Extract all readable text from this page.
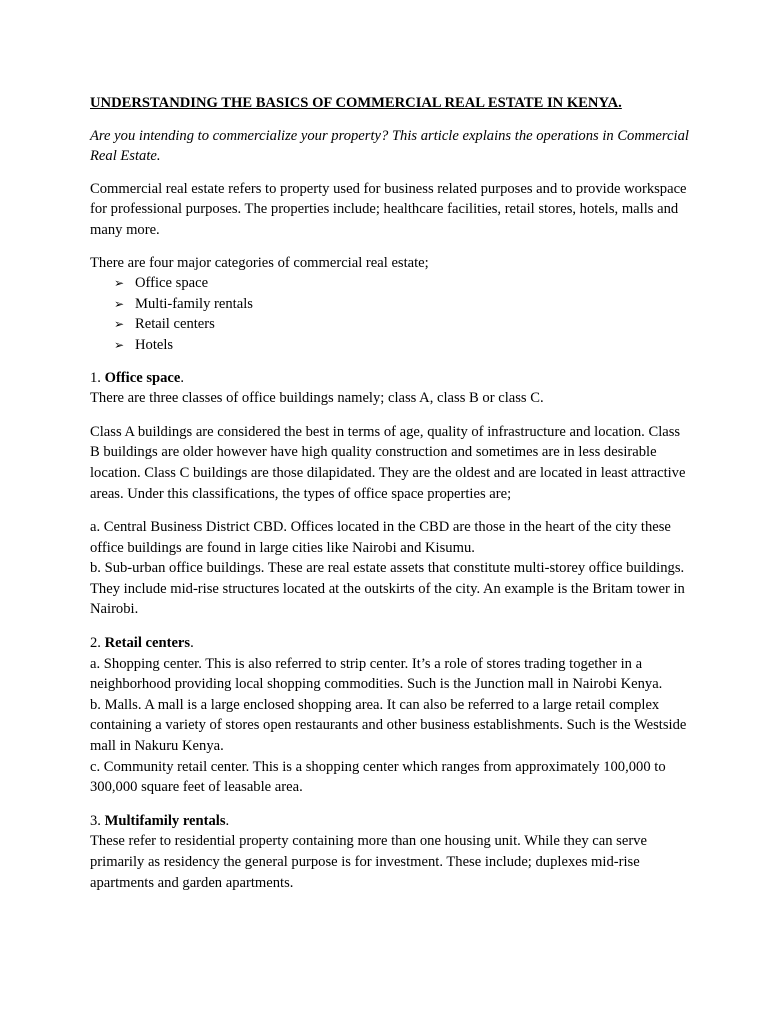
UNDERSTANDING THE BASICS OF COMMERCIAL REAL ESTATE IN KENYA.

Are you intending to commercialize your property? This article explains the operations in Commercial Real Estate.

Commercial real estate refers to property used for business related purposes and to provide workspace for professional purposes. The properties include; healthcare facilities, retail stores, hotels, malls and many more.

There are four major categories of commercial real estate;

➢ Office space
➢ Multi-family rentals
➢ Retail centers
➢ Hotels

1. Office space.

There are three classes of office buildings namely; class A, class B or class C.

Class A buildings are considered the best in terms of age, quality of infrastructure and location. Class B buildings are older however have high quality construction and sometimes are in less desirable location. Class C buildings are those dilapidated. They are the oldest and are located in least attractive areas. Under this classifications, the types of office space properties are;

a. Central Business District CBD. Offices located in the CBD are those in the heart of the city these office buildings are found in large cities like Nairobi and Kisumu.

b. Sub-urban office buildings. These are real estate assets that constitute multi-storey office buildings. They include mid-rise structures located at the outskirts of the city. An example is the Britam tower in Nairobi.

2. Retail centers.

a. Shopping center. This is also referred to strip center. It’s a role of stores trading together in a neighborhood providing local shopping commodities. Such is the Junction mall in Nairobi Kenya.

b. Malls. A mall is a large enclosed shopping area. It can also be referred to a large retail complex containing a variety of stores open restaurants and other business establishments. Such is the Westside mall in Nakuru Kenya.

c. Community retail center. This is a shopping center which ranges from approximately 100,000 to 300,000 square feet of leasable area.

3. Multifamily rentals.

These refer to residential property containing more than one housing unit. While they can serve primarily as residency the general purpose is for investment. These include; duplexes mid-rise apartments and garden apartments.
